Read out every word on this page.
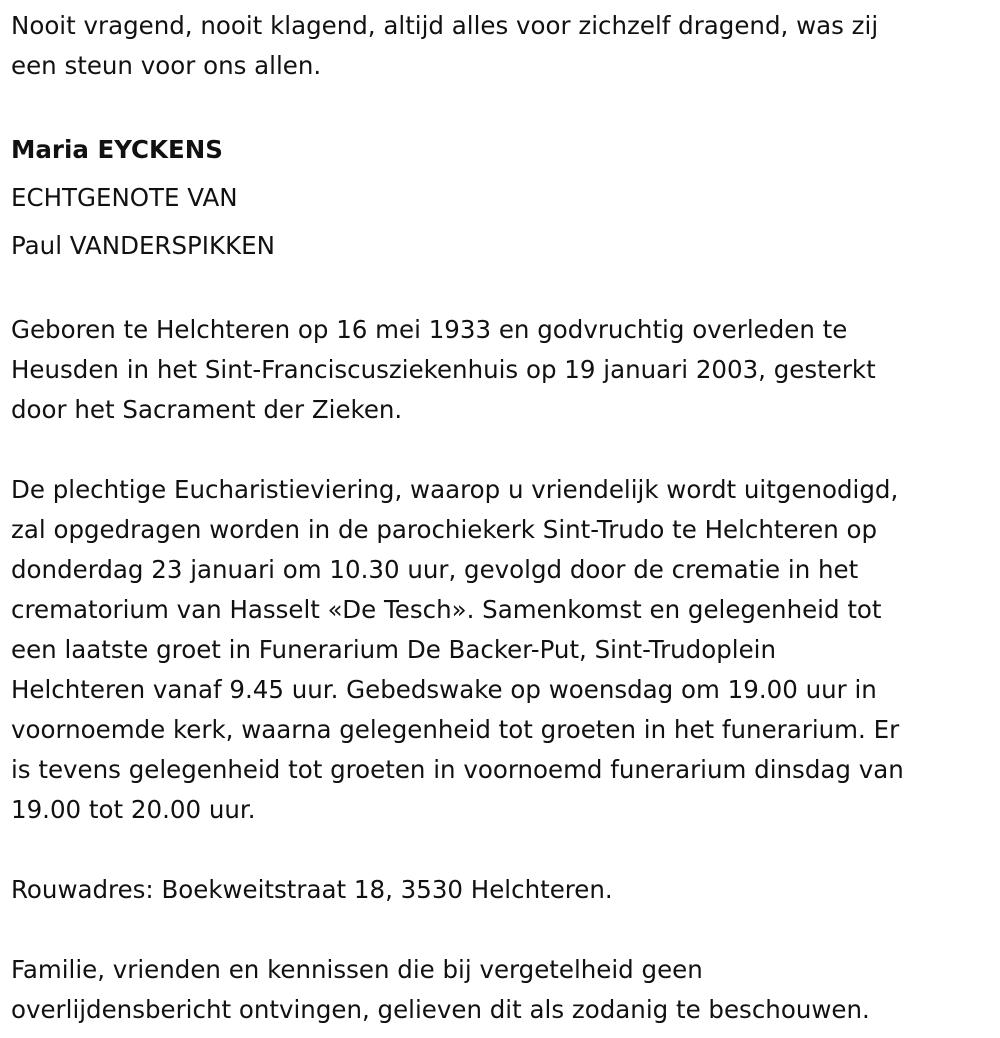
Nooit vragend, nooit klagend, altijd alles voor zichzelf dragend, was zij
een steun voor ons allen.
Maria EYCKENS
ECHTGENOTE VAN
Paul VANDERSPIKKEN
Geboren te Helchteren op 16 mei 1933 en godvruchtig overleden te
Heusden in het Sint-Franciscusziekenhuis op 19 januari 2003, gesterkt
door het Sacrament der Zieken.
De plechtige Eucharistieviering, waarop u vriendelijk wordt uitgenodigd,
zal opgedragen worden in de parochiekerk Sint-Trudo te Helchteren op
donderdag 23 januari om 10.30 uur, gevolgd door de crematie in het
crematorium van Hasselt «De Tesch». Samenkomst en gelegenheid tot
een laatste groet in Funerarium De Backer-Put, Sint-Trudoplein
Helchteren vanaf 9.45 uur. Gebedswake op woensdag om 19.00 uur in
voornoemde kerk, waarna gelegenheid tot groeten in het funerarium. Er
is tevens gelegenheid tot groeten in voornoemd funerarium dinsdag van
19.00 tot 20.00 uur.
Rouwadres: Boekweitstraat 18, 3530 Helchteren.
Familie, vrienden en kennissen die bij vergetelheid geen
overlijdensbericht ontvingen, gelieven dit als zodanig te beschouwen.
